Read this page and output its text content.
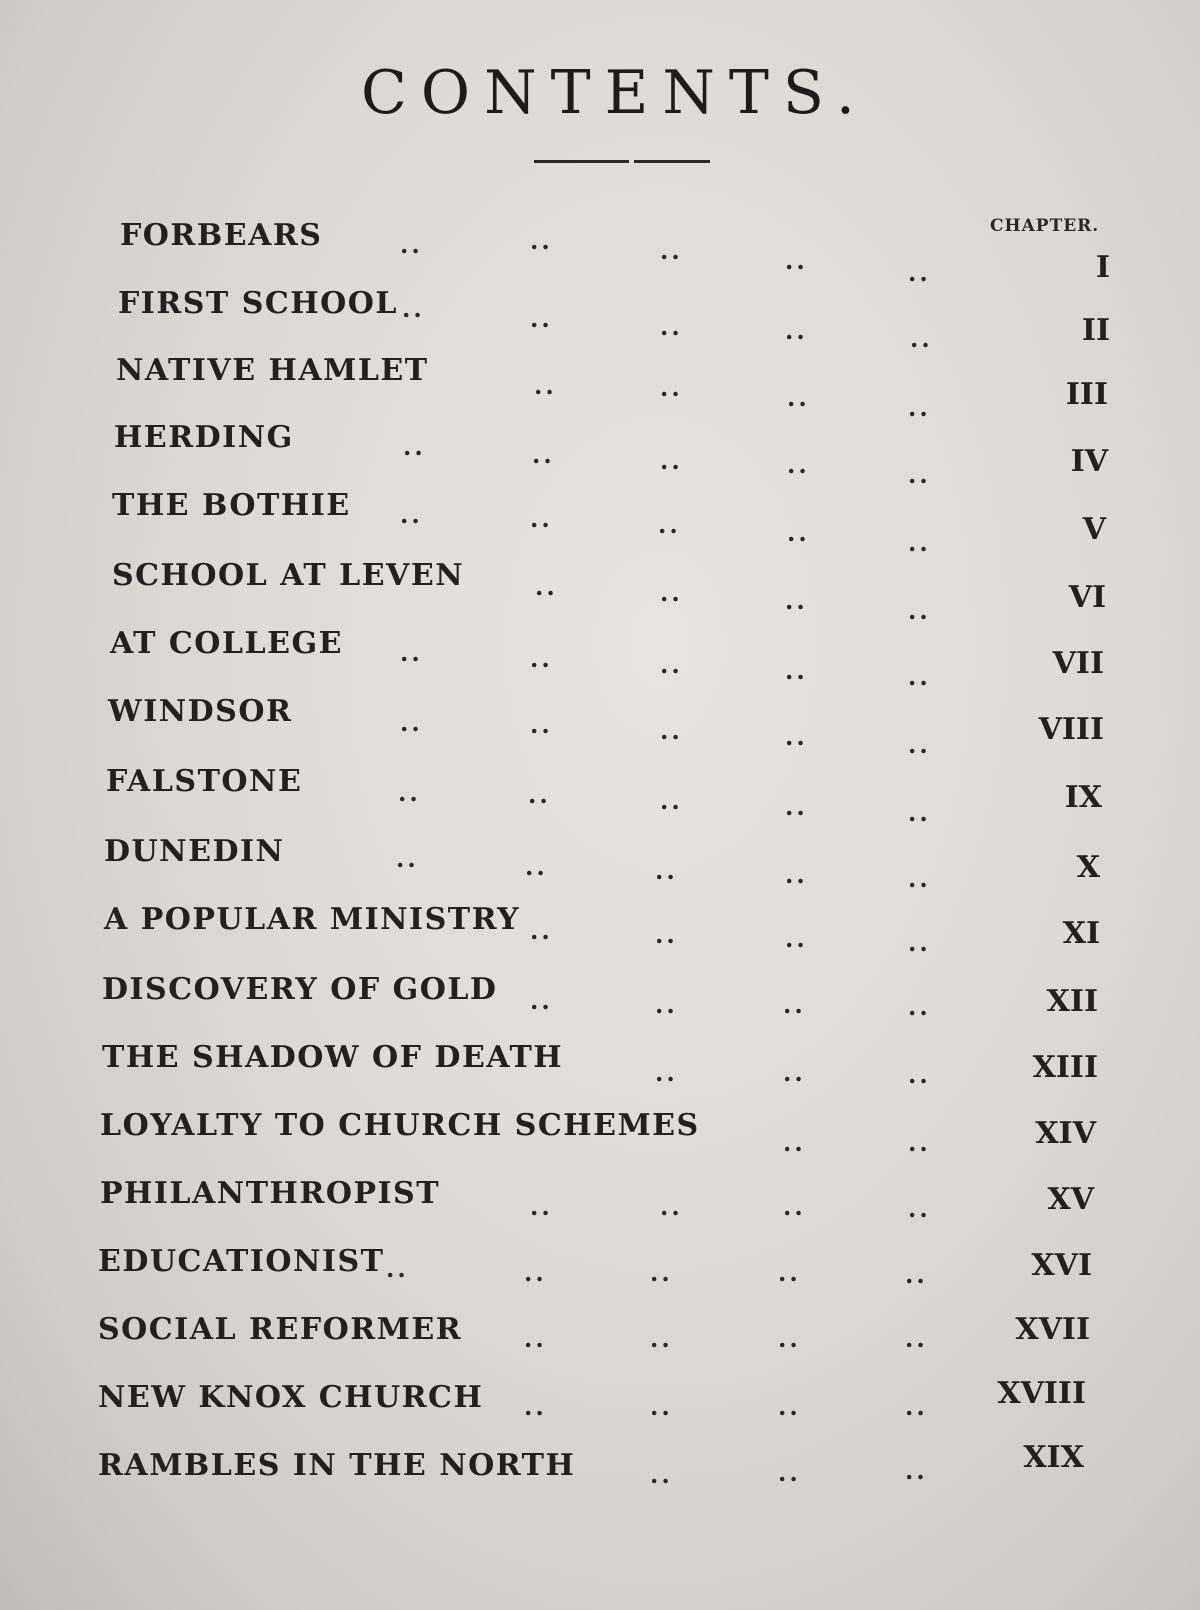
CONTENTS.
CHAPTER.
FORBEARS	..	..	..	..	..	I
FIRST SCHOOL ..	..	..	..	..	II
NATIVE HAMLET	..	..	..	..	III
HERDING	..	..	..	..	..	IV
THE BOTHIE ..	..	..	..	..	V
SCHOOL AT LEVEN	..	..	..	..	VI
AT COLLEGE ..	..	..	..	..	VII
WINDSOR	..	..	..	..	..	VIII
FALSTONE	..	..	..	..	..	IX
DUNEDIN	..	..	..	..	..	X
A POPULAR MINISTRY ..	..	..	..	XI
DISCOVERY OF GOLD ..	..	..	..	XII
THE SHADOW OF DEATH	..	..	..	XIII
LOYALTY TO CHURCH SCHEMES	..	..	XIV
PHILANTHROPIST	..	..	..	..	XV
EDUCATIONIST ..	..	..	..	..	XVI
SOCIAL REFORMER	..	..	..	..	XVII
NEW KNOX CHURCH ..	..	..	..	XVIII
RAMBLES IN THE NORTH	..	..	..	XIX
